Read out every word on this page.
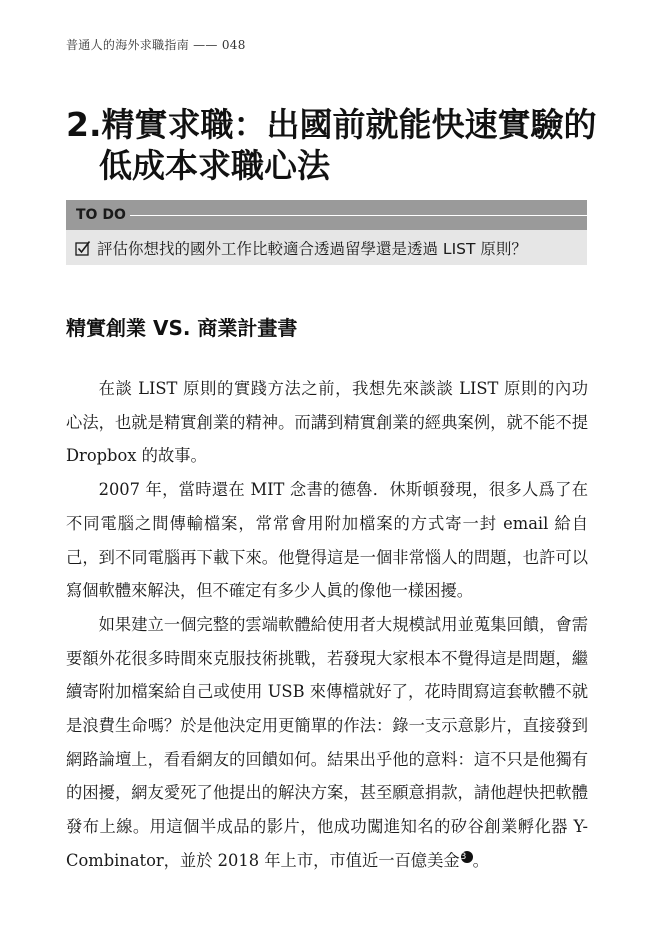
普通人的海外求職指南 —— 048
2.精實求職：出國前就能快速實驗的
低成本求職心法
TO DO
評估你想找的國外工作比較適合透過留學還是透過 LIST 原則？
精實創業 VS. 商業計畫書

在談 LIST 原則的實踐方法之前，我想先來談談 LIST 原則的內功心法，也就是精實創業的精神。而講到精實創業的經典案例，就不能不提 Dropbox 的故事。

2007 年，當時還在 MIT 念書的德魯．休斯頓發現，很多人爲了在不同電腦之間傳輸檔案，常常會用附加檔案的方式寄一封 email 給自己，到不同電腦再下載下來。他覺得這是一個非常惱人的問題，也許可以寫個軟體來解決，但不確定有多少人眞的像他一樣困擾。

如果建立一個完整的雲端軟體給使用者大規模試用並蒐集回饋，會需要額外花很多時間來克服技術挑戰，若發現大家根本不覺得這是問題，繼續寄附加檔案給自己或使用 USB 來傳檔就好了，花時間寫這套軟體不就是浪費生命嗎？於是他決定用更簡單的作法：錄一支示意影片，直接發到網路論壇上，看看網友的回饋如何。結果出乎他的意料：這不只是他獨有的困擾，網友愛死了他提出的解決方案，甚至願意捐款，請他趕快把軟體發布上線。用這個半成品的影片，他成功闖進知名的矽谷創業孵化器 Y-Combinator，並於 2018 年上市，市值近一百億美金3 。
